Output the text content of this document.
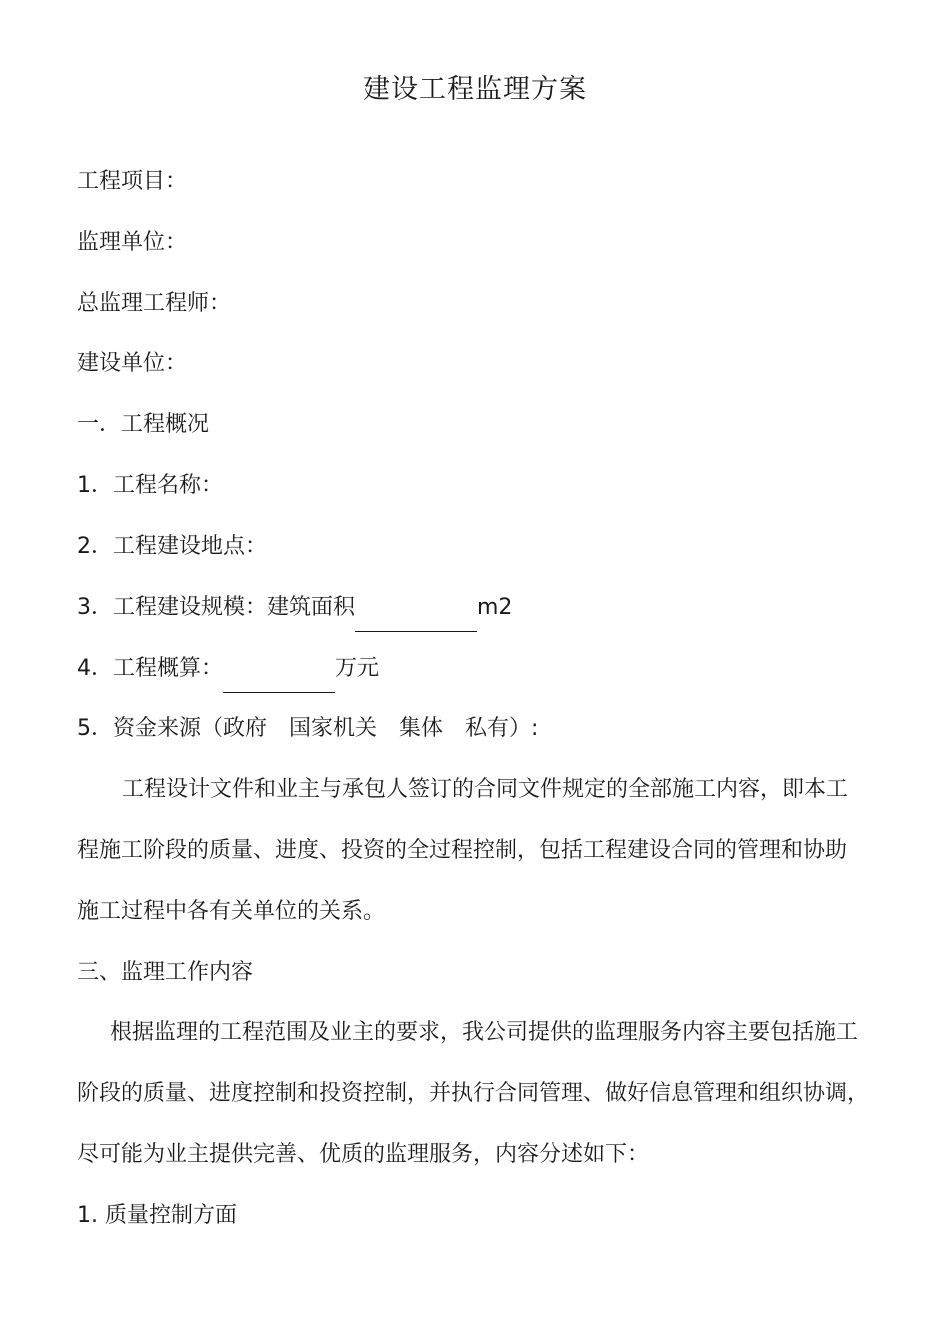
建设工程监理方案
工程项目：
监理单位：
总监理工程师：
建设单位：
一．工程概况
1．工程名称：
2．工程建设地点：
3．工程建设规模：建筑面积	m2
4．工程概算：	万元
5．资金来源（政府　国家机关　集体　私有）:
工程设计文件和业主与承包人签订的合同文件规定的全部施工内容，即本工
程施工阶段的质量、进度、投资的全过程控制，包括工程建设合同的管理和协助
施工过程中各有关单位的关系。
三、监理工作内容
根据监理的工程范围及业主的要求，我公司提供的监理服务内容主要包括施工
阶段的质量、进度控制和投资控制，并执行合同管理、做好信息管理和组织协调，
尽可能为业主提供完善、优质的监理服务，内容分述如下：
1. 质量控制方面
